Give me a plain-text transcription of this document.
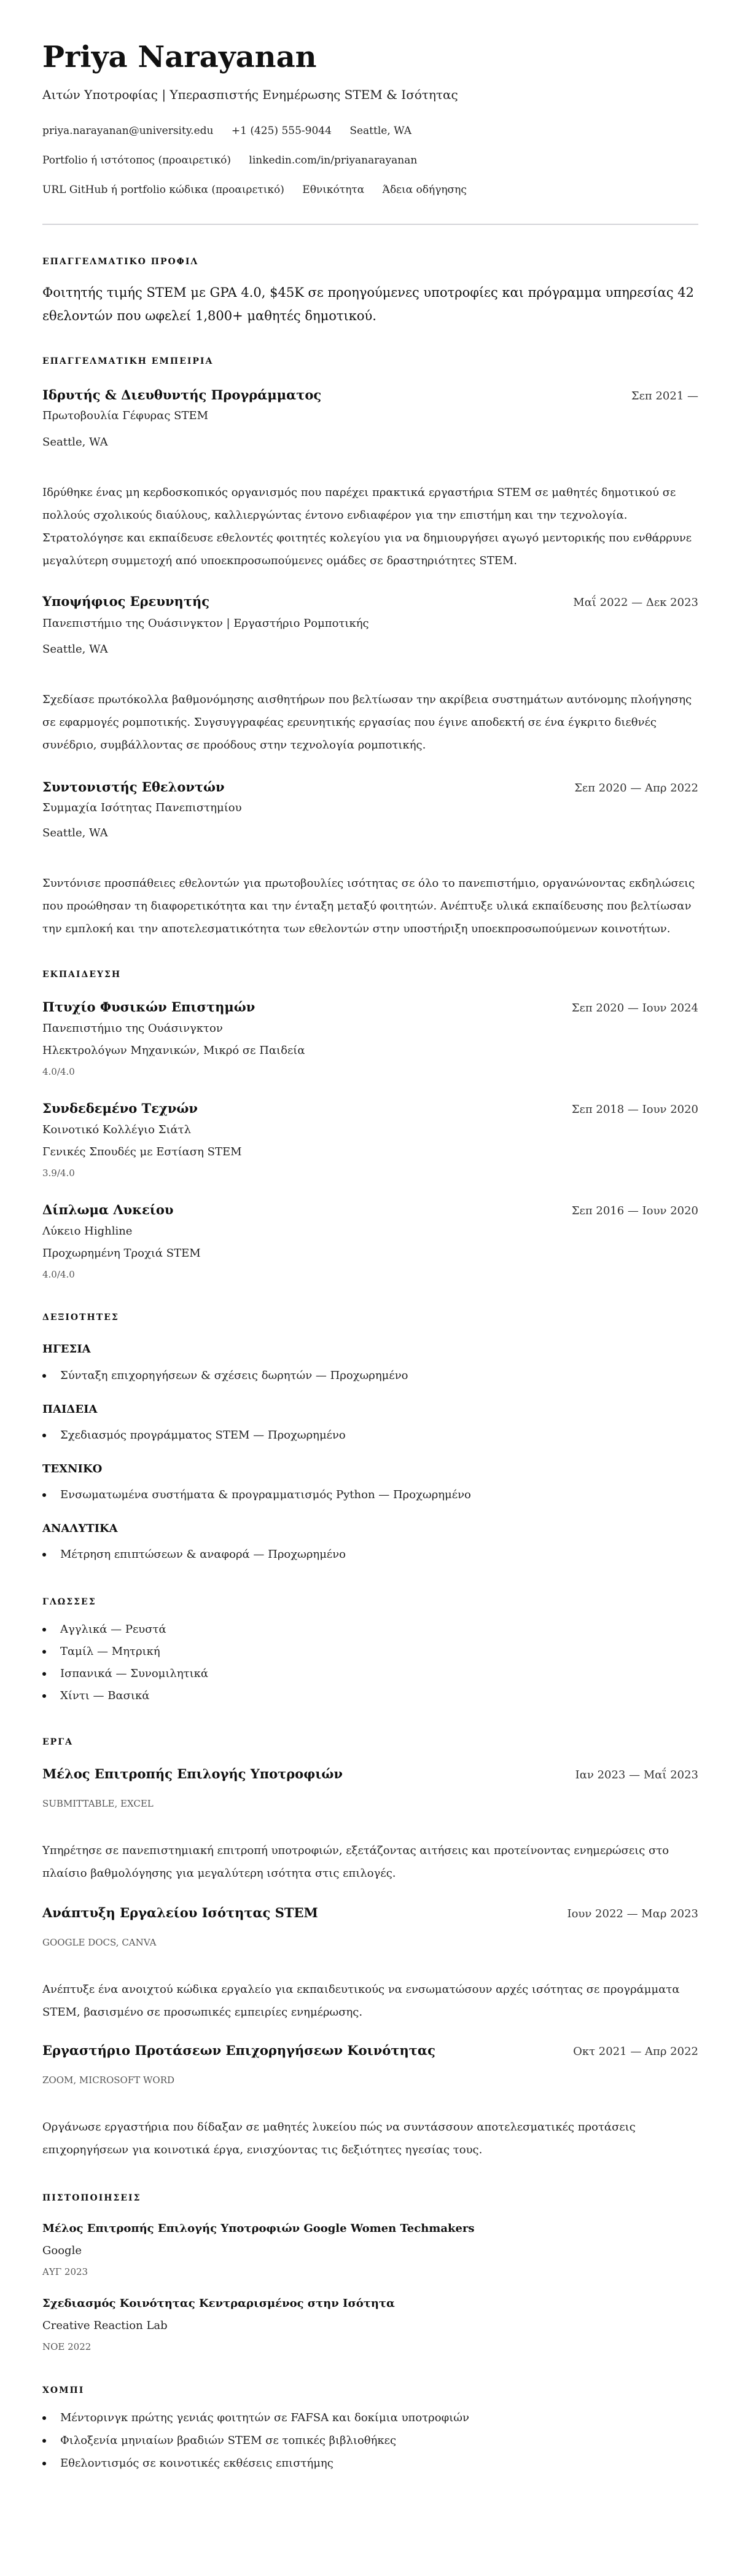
Priya Narayanan
Αιτών Υποτροφίας | Υπερασπιστής Ενημέρωσης STEM & Ισότητας
priya.narayanan@university.edu +1 (425) 555-9044 Seattle, WA
Portfolio ή ιστότοπος (προαιρετικό) linkedin.com/in/priyanarayanan
URL GitHub ή portfolio κώδικα (προαιρετικό) Εθνικότητα Άδεια οδήγησης
ΕΠΑΓΓΕΛΜΑΤΙΚΟ ΠΡΟΦΙΛ
Φοιτητής τιμής STEM με GPA 4.0, $45K σε προηγούμενες υποτροφίες και πρόγραμμα υπηρεσίας 42 εθελοντών που ωφελεί 1,800+ μαθητές δημοτικού.
ΕΠΑΓΓΕΛΜΑΤΙΚΗ ΕΜΠΕΙΡΙΑ
Ιδρυτής & Διευθυντής Προγράμματος	Σεπ 2021 —
Πρωτοβουλία Γέφυρας STEM
Seattle, WA
Ιδρύθηκε ένας μη κερδοσκοπικός οργανισμός που παρέχει πρακτικά εργαστήρια STEM σε μαθητές δημοτικού σε πολλούς σχολικούς διαύλους, καλλιεργώντας έντονο ενδιαφέρον για την επιστήμη και την τεχνολογία. Στρατολόγησε και εκπαίδευσε εθελοντές φοιτητές κολεγίου για να δημιουργήσει αγωγό μεντορικής που ενθάρρυνε μεγαλύτερη συμμετοχή από υποεκπροσωπούμενες ομάδες σε δραστηριότητες STEM.
Υποψήφιος Ερευνητής	Μαΐ 2022 — Δεκ 2023
Πανεπιστήμιο της Ουάσινγκτον | Εργαστήριο Ρομποτικής
Seattle, WA
Σχεδίασε πρωτόκολλα βαθμονόμησης αισθητήρων που βελτίωσαν την ακρίβεια συστημάτων αυτόνομης πλοήγησης σε εφαρμογές ρομποτικής. Συγσυγγραφέας ερευνητικής εργασίας που έγινε αποδεκτή σε ένα έγκριτο διεθνές συνέδριο, συμβάλλοντας σε προόδους στην τεχνολογία ρομποτικής.
Συντονιστής Εθελοντών	Σεπ 2020 — Απρ 2022
Συμμαχία Ισότητας Πανεπιστημίου
Seattle, WA
Συντόνισε προσπάθειες εθελοντών για πρωτοβουλίες ισότητας σε όλο το πανεπιστήμιο, οργανώνοντας εκδηλώσεις που προώθησαν τη διαφορετικότητα και την ένταξη μεταξύ φοιτητών. Ανέπτυξε υλικά εκπαίδευσης που βελτίωσαν την εμπλοκή και την αποτελεσματικότητα των εθελοντών στην υποστήριξη υποεκπροσωπούμενων κοινοτήτων.
ΕΚΠΑΙΔΕΥΣΗ
Πτυχίο Φυσικών Επιστημών	Σεπ 2020 — Ιουν 2024
Πανεπιστήμιο της Ουάσινγκτον
Ηλεκτρολόγων Μηχανικών, Μικρό σε Παιδεία
4.0/4.0
Συνδεδεμένο Τεχνών	Σεπ 2018 — Ιουν 2020
Κοινοτικό Κολλέγιο Σιάτλ
Γενικές Σπουδές με Εστίαση STEM
3.9/4.0
Δίπλωμα Λυκείου	Σεπ 2016 — Ιουν 2020
Λύκειο Highline
Προχωρημένη Τροχιά STEM
4.0/4.0
ΔΕΞΙΟΤΗΤΕΣ
ΗΓΕΣΙΑ
Σύνταξη επιχορηγήσεων & σχέσεις δωρητών — Προχωρημένο
ΠΑΙΔΕΙΑ
Σχεδιασμός προγράμματος STEM — Προχωρημένο
ΤΕΧΝΙΚΟ
Ενσωματωμένα συστήματα & προγραμματισμός Python — Προχωρημένο
ΑΝΑΛΥΤΙΚΑ
Μέτρηση επιπτώσεων & αναφορά — Προχωρημένο
ΓΛΩΣΣΕΣ
Αγγλικά — Ρευστά
Ταμίλ — Μητρική
Ισπανικά — Συνομιλητικά
Χίντι — Βασικά
ΕΡΓΑ
Μέλος Επιτροπής Επιλογής Υποτροφιών	Ιαν 2023 — Μαΐ 2023
SUBMITTABLE, EXCEL
Υπηρέτησε σε πανεπιστημιακή επιτροπή υποτροφιών, εξετάζοντας αιτήσεις και προτείνοντας ενημερώσεις στο πλαίσιο βαθμολόγησης για μεγαλύτερη ισότητα στις επιλογές.
Ανάπτυξη Εργαλείου Ισότητας STEM	Ιουν 2022 — Μαρ 2023
GOOGLE DOCS, CANVA
Ανέπτυξε ένα ανοιχτού κώδικα εργαλείο για εκπαιδευτικούς να ενσωματώσουν αρχές ισότητας σε προγράμματα STEM, βασισμένο σε προσωπικές εμπειρίες ενημέρωσης.
Εργαστήριο Προτάσεων Επιχορηγήσεων Κοινότητας	Οκτ 2021 — Απρ 2022
ZOOM, MICROSOFT WORD
Οργάνωσε εργαστήρια που δίδαξαν σε μαθητές λυκείου πώς να συντάσσουν αποτελεσματικές προτάσεις επιχορηγήσεων για κοινοτικά έργα, ενισχύοντας τις δεξιότητες ηγεσίας τους.
ΠΙΣΤΟΠΟΙΗΣΕΙΣ
Μέλος Επιτροπής Επιλογής Υποτροφιών Google Women Techmakers
Google
ΑΥΓ 2023
Σχεδιασμός Κοινότητας Κεντραρισμένος στην Ισότητα
Creative Reaction Lab
ΝΟΕ 2022
ΧΟΜΠΙ
Μέντορινγκ πρώτης γενιάς φοιτητών σε FAFSA και δοκίμια υποτροφιών
Φιλοξενία μηνιαίων βραδιών STEM σε τοπικές βιβλιοθήκες
Εθελοντισμός σε κοινοτικές εκθέσεις επιστήμης
